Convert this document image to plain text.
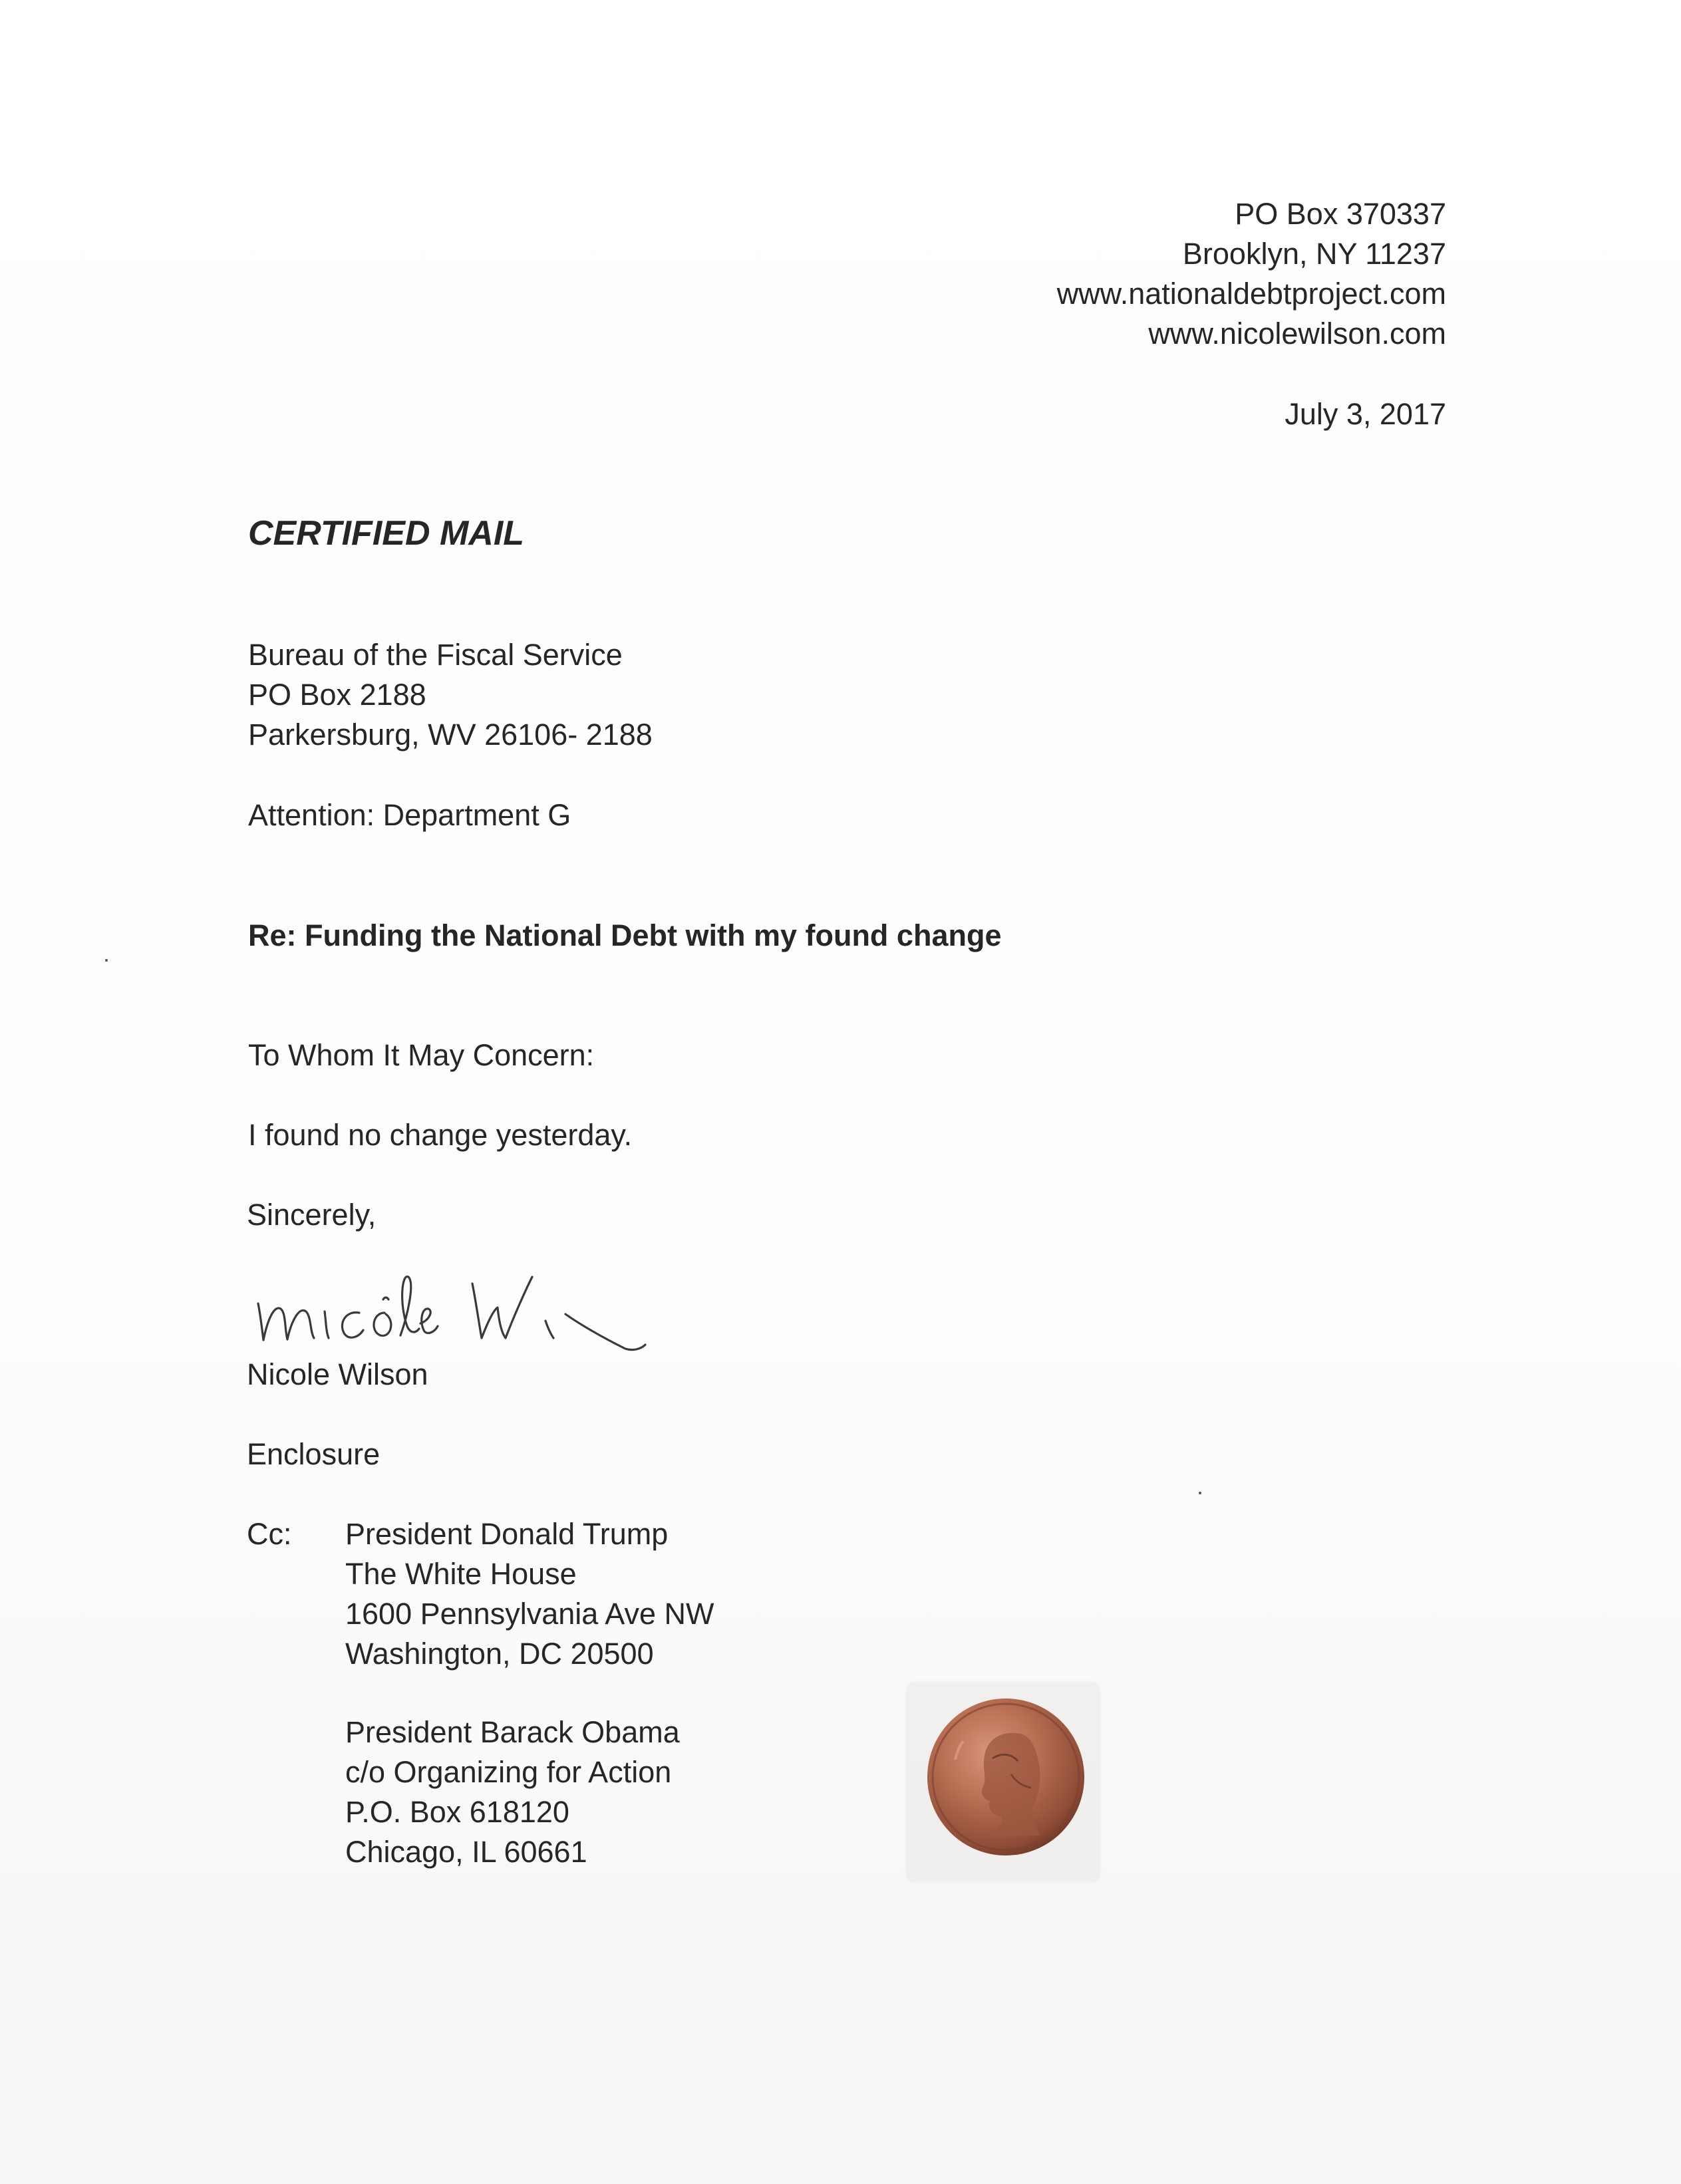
PO Box 370337
Brooklyn, NY 11237
www.nationaldebtproject.com
www.nicolewilson.com
July 3, 2017
CERTIFIED MAIL
Bureau of the Fiscal Service
PO Box 2188
Parkersburg, WV 26106- 2188
Attention: Department G
Re: Funding the National Debt with my found change
To Whom It May Concern:
I found no change yesterday.
Sincerely,
Nicole Wilson
Enclosure
Cc: President Donald Trump
The White House
1600 Pennsylvania Ave NW
Washington, DC 20500
President Barack Obama
c/o Organizing for Action
P.O. Box 618120
Chicago, IL 60661
